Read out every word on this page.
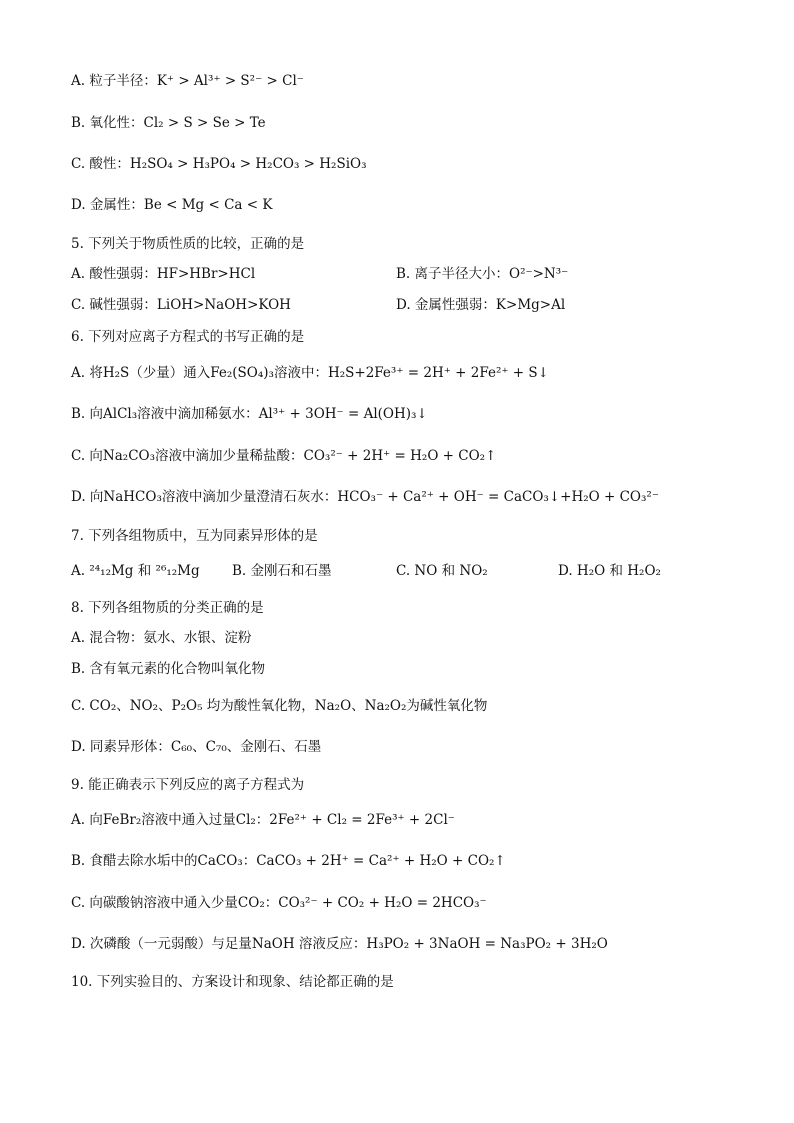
A. 粒子半径：K⁺ > Al³⁺ > S²⁻ > Cl⁻
B. 氧化性：Cl₂ > S > Se > Te
C. 酸性：H₂SO₄ > H₃PO₄ > H₂CO₃ > H₂SiO₃
D. 金属性：Be < Mg < Ca < K
5. 下列关于物质性质的比较，正确的是
A. 酸性强弱：HF>HBr>HCl	B. 离子半径大小：O²⁻>N³⁻
C. 碱性强弱：LiOH>NaOH>KOH	D. 金属性强弱：K>Mg>Al
6. 下列对应离子方程式的书写正确的是
A. 将H₂S（少量）通入Fe₂(SO₄)₃溶液中：H₂S+2Fe³⁺ = 2H⁺ + 2Fe²⁺ + S↓
B. 向AlCl₃溶液中滴加稀氨水：Al³⁺ + 3OH⁻ = Al(OH)₃↓
C. 向Na₂CO₃溶液中滴加少量稀盐酸：CO₃²⁻ + 2H⁺ = H₂O + CO₂↑
D. 向NaHCO₃溶液中滴加少量澄清石灰水：HCO₃⁻ + Ca²⁺ + OH⁻ = CaCO₃↓+H₂O + CO₃²⁻
7. 下列各组物质中，互为同素异形体的是
A. ²⁴₁₂Mg 和 ²⁶₁₂Mg B. 金刚石和石墨	C. NO 和 NO₂	D. H₂O 和 H₂O₂
8. 下列各组物质的分类正确的是
A. 混合物：氨水、水银、淀粉
B. 含有氧元素的化合物叫氧化物
C. CO₂、NO₂、P₂O₅ 均为酸性氧化物，Na₂O、Na₂O₂为碱性氧化物
D. 同素异形体：C₆₀、C₇₀、金刚石、石墨
9. 能正确表示下列反应的离子方程式为
A. 向FeBr₂溶液中通入过量Cl₂：2Fe²⁺ + Cl₂ = 2Fe³⁺ + 2Cl⁻
B. 食醋去除水垢中的CaCO₃：CaCO₃ + 2H⁺ = Ca²⁺ + H₂O + CO₂↑
C. 向碳酸钠溶液中通入少量CO₂：CO₃²⁻ + CO₂ + H₂O = 2HCO₃⁻
D. 次磷酸（一元弱酸）与足量NaOH 溶液反应：H₃PO₂ + 3NaOH = Na₃PO₂ + 3H₂O
10. 下列实验目的、方案设计和现象、结论都正确的是
